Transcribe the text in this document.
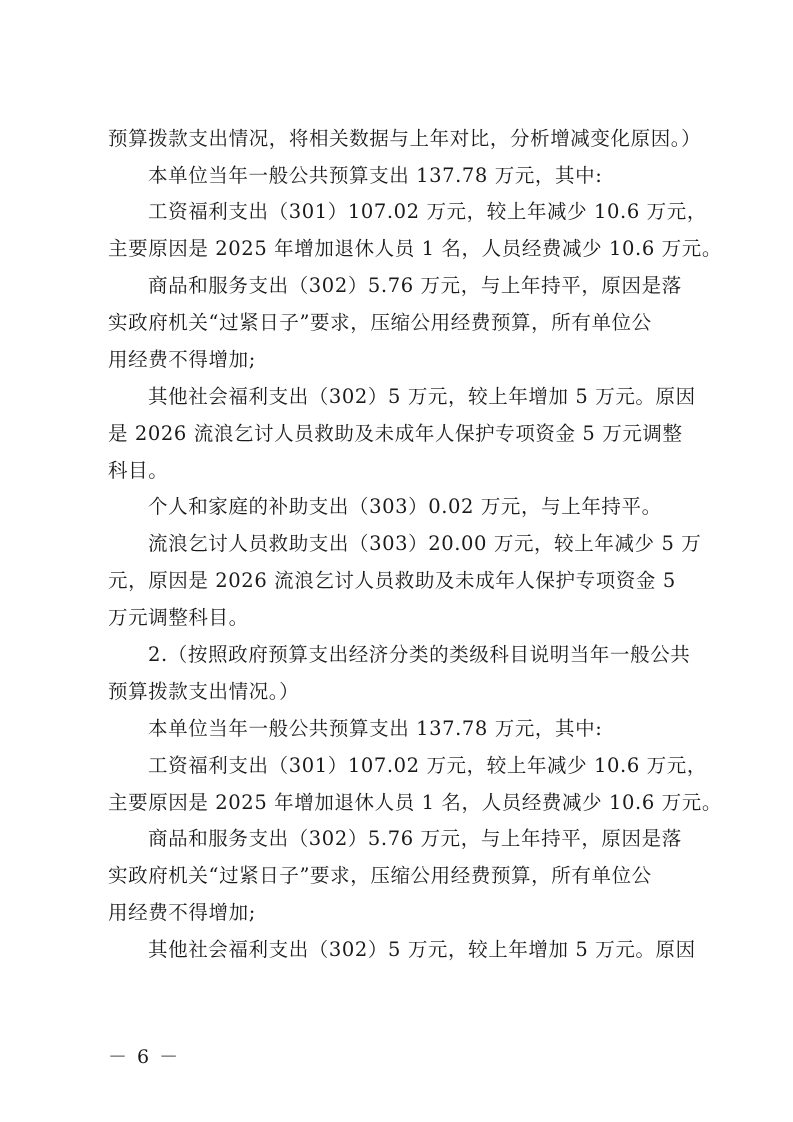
预算拨款支出情况，将相关数据与上年对比，分析增减变化原因。）
本单位当年一般公共预算支出 137.78 万元，其中:
工资福利支出（301）107.02 万元，较上年减少 10.6 万元，
主要原因是 2025 年增加退休人员 1 名，人员经费减少 10.6 万元。
商品和服务支出（302）5.76 万元，与上年持平，原因是落
实政府机关“过紧日子”要求，压缩公用经费预算，所有单位公
用经费不得增加;
其他社会福利支出（302）5 万元，较上年增加 5 万元。原因
是 2026 流浪乞讨人员救助及未成年人保护专项资金 5 万元调整
科目。
个人和家庭的补助支出（303）0.02 万元，与上年持平。
流浪乞讨人员救助支出（303）20.00 万元，较上年减少 5 万
元，原因是 2026 流浪乞讨人员救助及未成年人保护专项资金 5
万元调整科目。
2.（按照政府预算支出经济分类的类级科目说明当年一般公共
预算拨款支出情况。）
本单位当年一般公共预算支出 137.78 万元，其中:
工资福利支出（301）107.02 万元，较上年减少 10.6 万元，
主要原因是 2025 年增加退休人员 1 名，人员经费减少 10.6 万元。
商品和服务支出（302）5.76 万元，与上年持平，原因是落
实政府机关“过紧日子”要求，压缩公用经费预算，所有单位公
用经费不得增加;
其他社会福利支出（302）5 万元，较上年增加 5 万元。原因
－ 6 －
